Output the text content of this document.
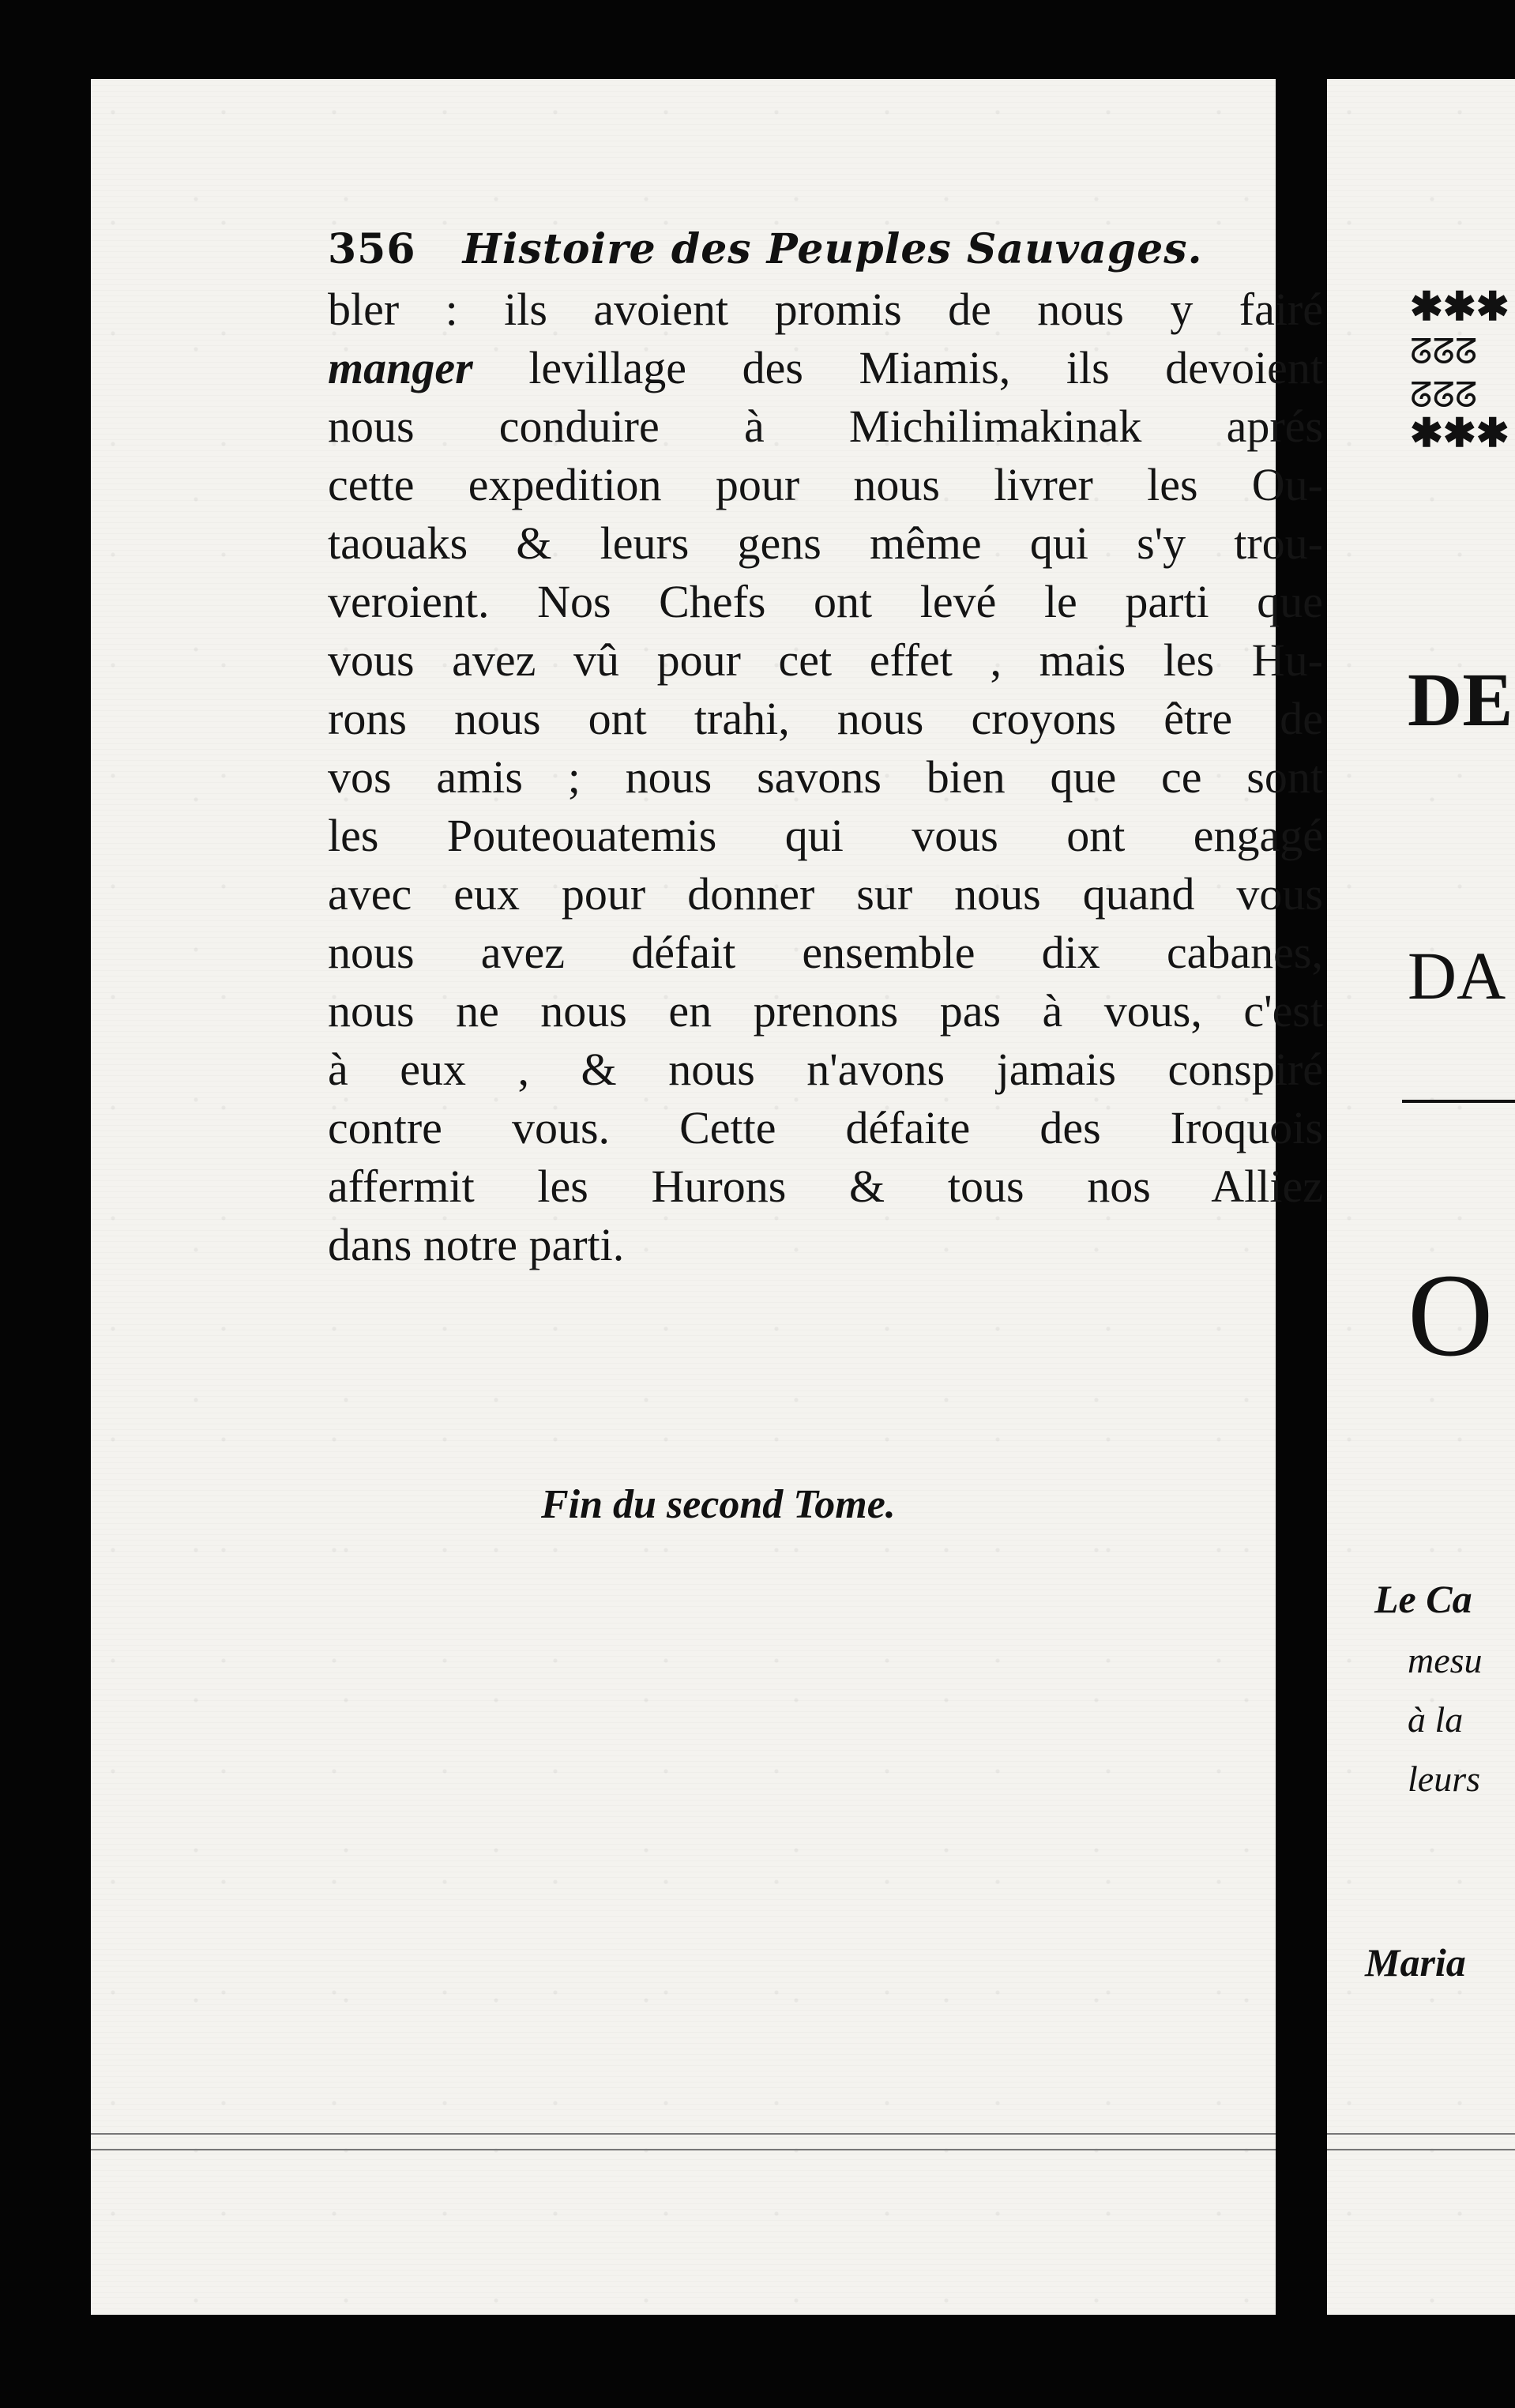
356 Histoire des Peuples Sauvages.
bler : ils avoient promis de nous y fairé
manger levillage des Miamis, ils devoient
nous conduire à Michilimakinak aprés
cette expedition pour nous livrer les Ou-
taouaks & leurs gens même qui s'y trou-
veroient. Nos Chefs ont levé le parti que
vous avez vû pour cet effet , mais les Hu-
rons nous ont trahi, nous croyons être de
vos amis ; nous savons bien que ce sont
les Pouteouatemis qui vous ont engagé
avec eux pour donner sur nous quand vous
nous avez défait ensemble dix cabanes,
nous ne nous en prenons pas à vous, c'est
à eux , & nous n'avons jamais conspiré
contre vous. Cette défaite des Iroquois
affermit les Hurons & tous nos Alliez
dans notre parti.
Fin du second Tome.
✱✱✱
ᘔᘔᘔ
ᘔᘔᘔ
✱✱✱
DE
DA
O
Le Ca
mesu
à la
leurs
Maria
